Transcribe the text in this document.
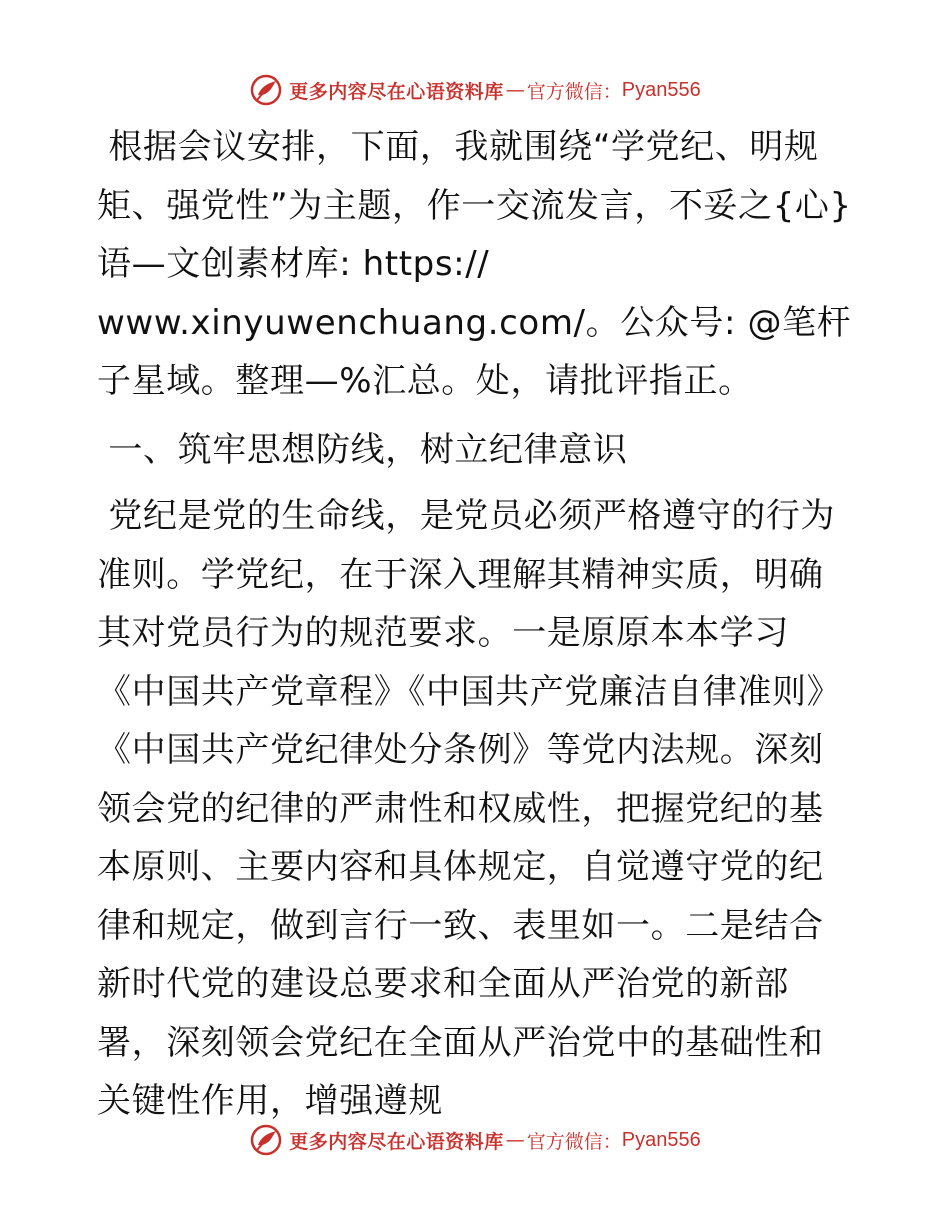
更多内容尽在心语资料库 — 官方微信： Pyan556

根据会议安排，下面，我就围绕“学党纪、明规矩、强党性”为主题，作一交流发言，不妥之{心}语—文创素材库: https://
www.xinyuwenchuang.com/。公众号: @笔杆子星域。整理—%汇总。处，请批评指正。

一、筑牢思想防线，树立纪律意识

党纪是党的生命线，是党员必须严格遵守的行为准则。学党纪，在于深入理解其精神实质，明确其对党员行为的规范要求。一是原原本本学习《中国共产党章程》《中国共产党廉洁自律准则》《中国共产党纪律处分条例》等党内法规。深刻领会党的纪律的严肃性和权威性，把握党纪的基本原则、主要内容和具体规定，自觉遵守党的纪律和规定，做到言行一致、表里如一。二是结合新时代党的建设总要求和全面从严治党的新部署，深刻领会党纪在全面从严治党中的基础性和关键性作用，增强遵规

更多内容尽在心语资料库 — 官方微信： Pyan556
